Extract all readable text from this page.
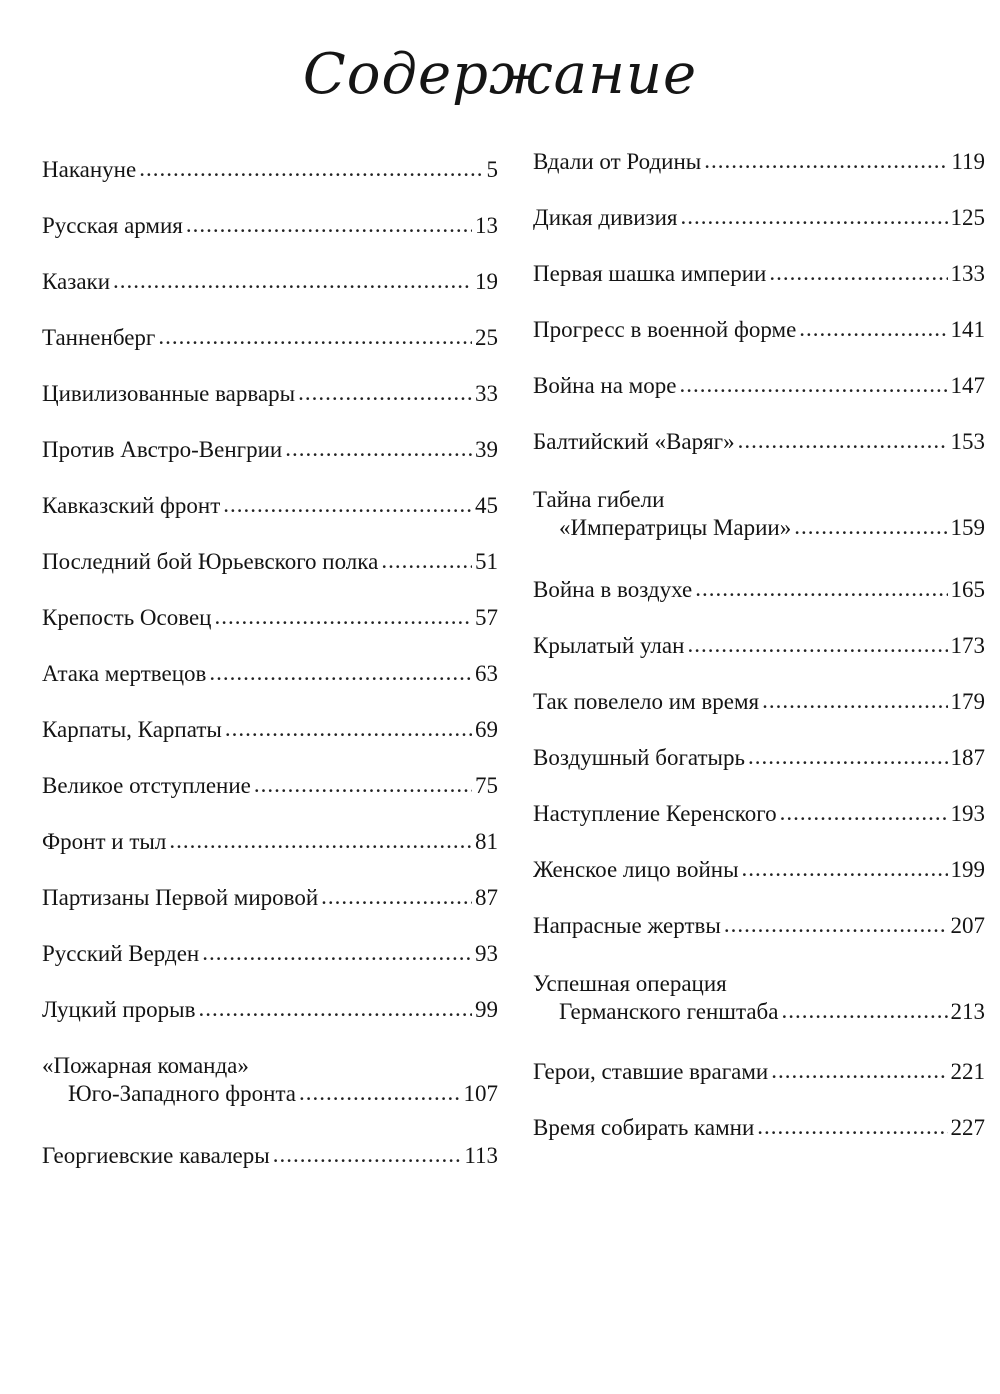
Содержание
Накануне .....	5
Русская армия .....	13
Казаки .....	19
Танненберг .....	25
Цивилизованные варвары .....	33
Против Австро-Венгрии .....	39
Кавказский фронт .....	45
Последний бой Юрьевского полка .....	51
Крепость Осовец .....	57
Атака мертвецов .....	63
Карпаты, Карпаты .....	69
Великое отступление .....	75
Фронт и тыл .....	81
Партизаны Первой мировой .....	87
Русский Верден .....	93
Луцкий прорыв .....	99
«Пожарная команда»
Юго-Западного фронта .....	107
Георгиевские кавалеры .....	113
Вдали от Родины .....	119
Дикая дивизия .....	125
Первая шашка империи .....	133
Прогресс в военной форме .....	141
Война на море .....	147
Балтийский «Варяг» .....	153
Тайна гибели
«Императрицы Марии» .....	159
Война в воздухе .....	165
Крылатый улан .....	173
Так повелело им время .....	179
Воздушный богатырь .....	187
Наступление Керенского .....	193
Женское лицо войны .....	199
Напрасные жертвы .....	207
Успешная операция
Германского генштаба .....	213
Герои, ставшие врагами .....	221
Время собирать камни .....	227
